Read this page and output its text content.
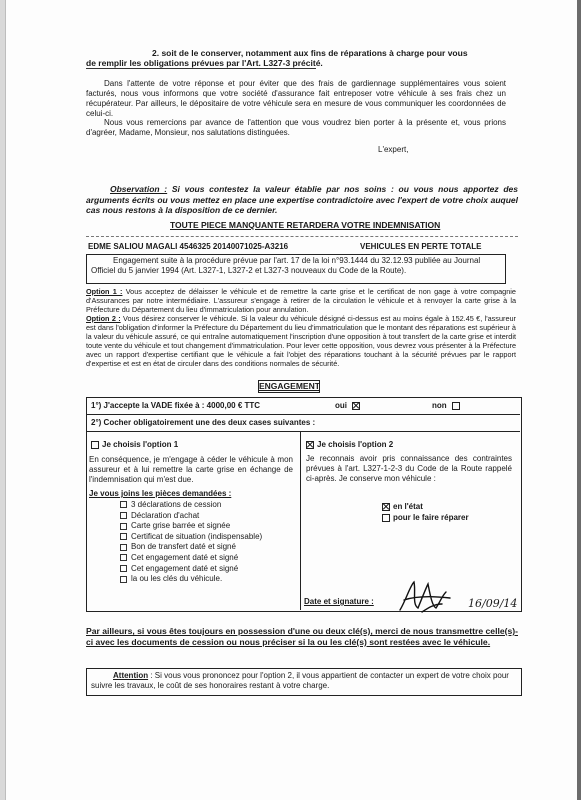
2. soit de le conserver, notamment aux fins de réparations à charge pour vous
de remplir les obligations prévues par l'Art. L327-3 précité.
Dans l'attente de votre réponse et pour éviter que des frais de gardiennage supplémentaires vous soient facturés, nous vous informons que votre société d'assurance fait entreposer votre véhicule à ses frais chez un récupérateur. Par ailleurs, le dépositaire de votre véhicule sera en mesure de vous communiquer les coordonnées de celui-ci.
Nous vous remercions par avance de l'attention que vous voudrez bien porter à la présente et, vous prions d'agréer, Madame, Monsieur, nos salutations distinguées.
L'expert,
Observation : Si vous contestez la valeur établie par nos soins : ou vous nous apportez des arguments écrits ou vous mettez en place une expertise contradictoire avec l'expert de votre choix auquel cas nous restons à la disposition de ce dernier.
TOUTE PIECE MANQUANTE RETARDERA VOTRE INDEMNISATION
EDME SALIOU MAGALI 4546325 20140071025-A3216	VEHICULES EN PERTE TOTALE
Engagement suite à la procédure prévue par l'art. 17 de la loi n°93.1444 du 32.12.93 publiée au Journal Officiel du 5 janvier 1994 (Art. L327-1, L327-2 et L327-3 nouveaux du Code de la Route).
Option 1 : Vous acceptez de délaisser le véhicule et de remettre la carte grise et le certificat de non gage à votre compagnie d'Assurances par notre intermédiaire. L'assureur s'engage à retirer de la circulation le véhicule et à renvoyer la carte grise à la Préfecture du Département du lieu d'immatriculation pour annulation.
Option 2 : Vous désirez conserver le véhicule. Si la valeur du véhicule désigné ci-dessus est au moins égale à 152.45 €, l'assureur est dans l'obligation d'informer la Préfecture du Département du lieu d'immatriculation que le montant des réparations est supérieur à la valeur du véhicule assuré, ce qui entraîne automatiquement l'inscription d'une opposition à tout transfert de la carte grise et interdit toute vente du véhicule et tout changement d'immatriculation. Pour lever cette opposition, vous devrez vous présenter à la Préfecture avec un rapport d'expertise certifiant que le véhicule a fait l'objet des réparations touchant à la sécurité prévues par le rapport d'expertise et est en état de circuler dans des conditions normales de sécurité.
ENGAGEMENT
1°) J'accepte la VADE fixée à : 4000,00 € TTC	oui	non
2°) Cocher obligatoirement une des deux cases suivantes :
Je choisis l'option 1
En conséquence, je m'engage à céder le véhicule à mon assureur et à lui remettre la carte grise en échange de l'indemnisation qui m'est due.
Je vous joins les pièces demandées :
3 déclarations de cession
Déclaration d'achat
Carte grise barrée et signée
Certificat de situation (indispensable)
Bon de transfert daté et signé
Cet engagement daté et signé
Cet engagement daté et signé
la ou les clés du véhicule.
Je choisis l'option 2
Je reconnais avoir pris connaissance des contraintes prévues à l'art. L327-1-2-3 du Code de la Route rappelé ci-après. Je conserve mon véhicule :
en l'état
pour le faire réparer
Date et signature :	16/09/14
Par ailleurs, si vous êtes toujours en possession d'une ou deux clé(s), merci de nous transmettre celle(s)-ci avec les documents de cession ou nous préciser si la ou les clé(s) sont restées avec le véhicule.
Attention : Si vous vous prononcez pour l'option 2, il vous appartient de contacter un expert de votre choix pour suivre les travaux, le coût de ses honoraires restant à votre charge.
